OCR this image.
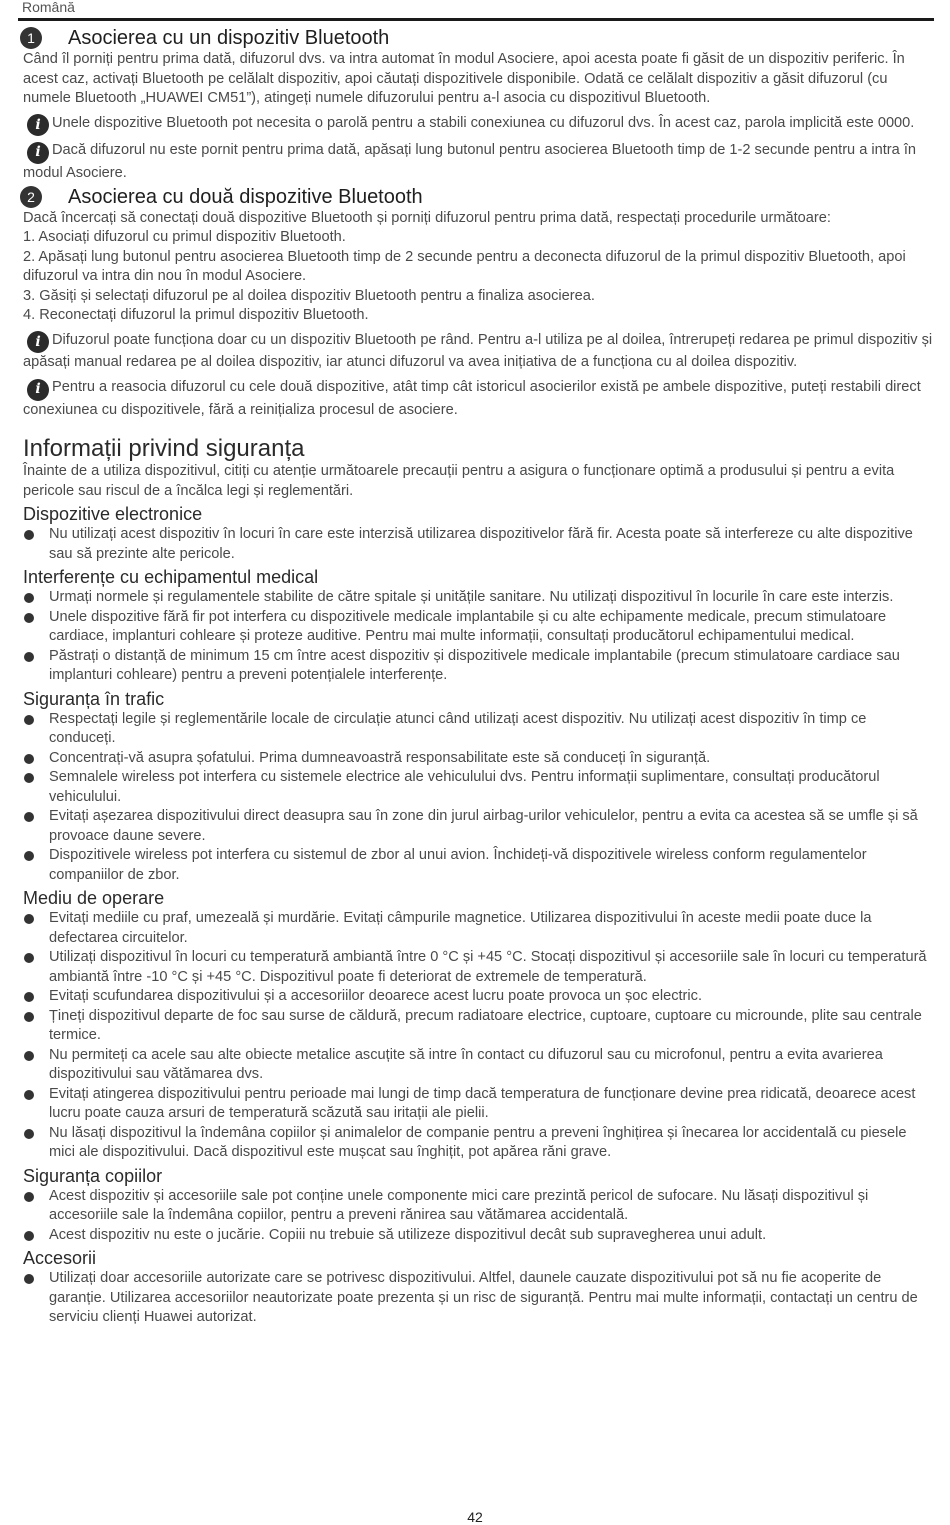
Română
1	Asocierea cu un dispozitiv Bluetooth

Când îl porniți pentru prima dată, difuzorul dvs. va intra automat în modul Asociere, apoi acesta poate fi găsit de un dispozitiv periferic. În acest caz, activați Bluetooth pe celălalt dispozitiv, apoi căutați dispozitivele disponibile. Odată ce celălalt dispozitiv a găsit difuzorul (cu numele Bluetooth „HUAWEI CM51”), atingeți numele difuzorului pentru a-l asocia cu dispozitivul Bluetooth.

i Unele dispozitive Bluetooth pot necesita o parolă pentru a stabili conexiunea cu difuzorul dvs. În acest caz, parola implicită este 0000.

i Dacă difuzorul nu este pornit pentru prima dată, apăsați lung butonul pentru asocierea Bluetooth timp de 1-2 secunde pentru a intra în modul Asociere.

2	Asocierea cu două dispozitive Bluetooth

Dacă încercați să conectați două dispozitive Bluetooth și porniți difuzorul pentru prima dată, respectați procedurile următoare:

1. Asociați difuzorul cu primul dispozitiv Bluetooth.

2. Apăsați lung butonul pentru asocierea Bluetooth timp de 2 secunde pentru a deconecta difuzorul de la primul dispozitiv Bluetooth, apoi difuzorul va intra din nou în modul Asociere.

3. Găsiți și selectați difuzorul pe al doilea dispozitiv Bluetooth pentru a finaliza asocierea.

4. Reconectați difuzorul la primul dispozitiv Bluetooth.

i Difuzorul poate funcționa doar cu un dispozitiv Bluetooth pe rând. Pentru a-l utiliza pe al doilea, întrerupeți redarea pe primul dispozitiv și apăsați manual redarea pe al doilea dispozitiv, iar atunci difuzorul va avea inițiativa de a funcționa cu al doilea dispozitiv.

i Pentru a reasocia difuzorul cu cele două dispozitive, atât timp cât istoricul asocierilor există pe ambele dispozitive, puteți restabili direct conexiunea cu dispozitivele, fără a reinițializa procesul de asociere.

Informații privind siguranța

Înainte de a utiliza dispozitivul, citiți cu atenție următoarele precauții pentru a asigura o funcționare optimă a produsului și pentru a evita pericole sau riscul de a încălca legi și reglementări.

Dispozitive electronice
Nu utilizați acest dispozitiv în locuri în care este interzisă utilizarea dispozitivelor fără fir. Acesta poate să interfereze cu alte dispozitive sau să prezinte alte pericole.
Interferențe cu echipamentul medical
Urmați normele și regulamentele stabilite de către spitale și unitățile sanitare. Nu utilizați dispozitivul în locurile în care este interzis.
Unele dispozitive fără fir pot interfera cu dispozitivele medicale implantabile și cu alte echipamente medicale, precum stimulatoare cardiace, implanturi cohleare și proteze auditive. Pentru mai multe informații, consultați producătorul echipamentului medical.
Păstrați o distanță de minimum 15 cm între acest dispozitiv și dispozitivele medicale implantabile (precum stimulatoare cardiace sau implanturi cohleare) pentru a preveni potențialele interferențe.
Siguranța în trafic
Respectați legile și reglementările locale de circulație atunci când utilizați acest dispozitiv. Nu utilizați acest dispozitiv în timp ce conduceți.
Concentrați-vă asupra șofatului. Prima dumneavoastră responsabilitate este să conduceți în siguranță.
Semnalele wireless pot interfera cu sistemele electrice ale vehiculului dvs. Pentru informații suplimentare, consultați producătorul vehiculului.
Evitați așezarea dispozitivului direct deasupra sau în zone din jurul airbag-urilor vehiculelor, pentru a evita ca acestea să se umfle și să provoace daune severe.
Dispozitivele wireless pot interfera cu sistemul de zbor al unui avion. Închideți-vă dispozitivele wireless conform regulamentelor companiilor de zbor.
Mediu de operare
Evitați mediile cu praf, umezeală și murdărie. Evitați câmpurile magnetice. Utilizarea dispozitivului în aceste medii poate duce la defectarea circuitelor.
Utilizați dispozitivul în locuri cu temperatură ambiantă între 0 °C și +45 °C. Stocați dispozitivul și accesoriile sale în locuri cu temperatură ambiantă între -10 °C și +45 °C. Dispozitivul poate fi deteriorat de extremele de temperatură.
Evitați scufundarea dispozitivului și a accesoriilor deoarece acest lucru poate provoca un șoc electric.
Țineți dispozitivul departe de foc sau surse de căldură, precum radiatoare electrice, cuptoare, cuptoare cu microunde, plite sau centrale termice.
Nu permiteți ca acele sau alte obiecte metalice ascuțite să intre în contact cu difuzorul sau cu microfonul, pentru a evita avarierea dispozitivului sau vătămarea dvs.
Evitați atingerea dispozitivului pentru perioade mai lungi de timp dacă temperatura de funcționare devine prea ridicată, deoarece acest lucru poate cauza arsuri de temperatură scăzută sau iritații ale pielii.
Nu lăsați dispozitivul la îndemâna copiilor și animalelor de companie pentru a preveni înghițirea și înecarea lor accidentală cu piesele mici ale dispozitivului. Dacă dispozitivul este mușcat sau înghițit, pot apărea răni grave.
Siguranța copiilor
Acest dispozitiv și accesoriile sale pot conține unele componente mici care prezintă pericol de sufocare. Nu lăsați dispozitivul și accesoriile sale la îndemâna copiilor, pentru a preveni rănirea sau vătămarea accidentală.
Acest dispozitiv nu este o jucărie. Copiii nu trebuie să utilizeze dispozitivul decât sub supravegherea unui adult.
Accesorii
Utilizați doar accesoriile autorizate care se potrivesc dispozitivului. Altfel, daunele cauzate dispozitivului pot să nu fie acoperite de garanție. Utilizarea accesoriilor neautorizate poate prezenta și un risc de siguranță. Pentru mai multe informații, contactați un centru de serviciu clienți Huawei autorizat.
42
